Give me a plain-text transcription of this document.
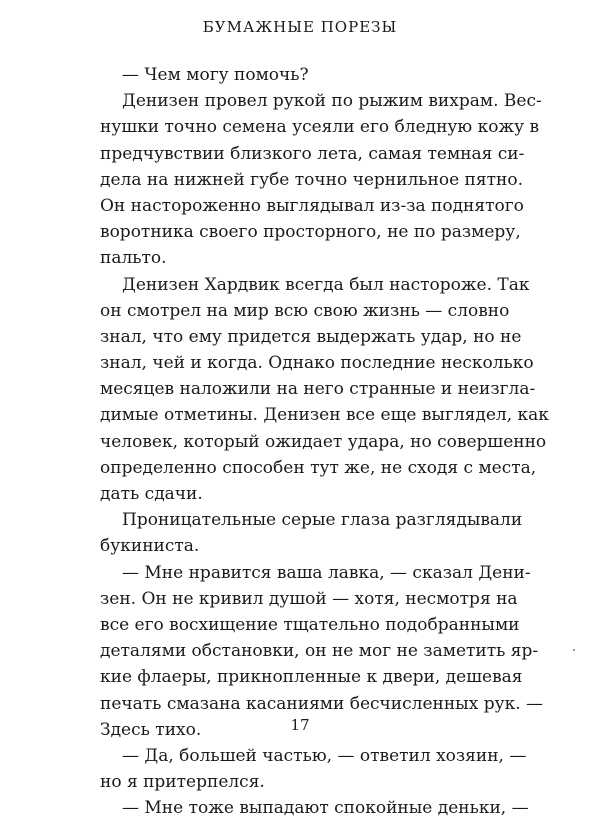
БУМАЖНЫЕ ПОРЕЗЫ
— Чем могу помочь?
Денизен провел рукой по рыжим вихрам. Вес-
нушки точно семена усеяли его бледную кожу в
предчувствии близкого лета, самая темная си-
дела на нижней губе точно чернильное пятно.
Он настороженно выглядывал из-за поднятого
воротника своего просторного, не по размеру,
пальто.
Денизен Хардвик всегда был настороже. Так
он смотрел на мир всю свою жизнь — словно
знал, что ему придется выдержать удар, но не
знал, чей и когда. Однако последние несколько
месяцев наложили на него странные и неизгла-
димые отметины. Денизен все еще выглядел, как
человек, который ожидает удара, но совершенно
определенно способен тут же, не сходя с места,
дать сдачи.
Проницательные серые глаза разглядывали
букиниста.
— Мне нравится ваша лавка, — сказал Дени-
зен. Он не кривил душой — хотя, несмотря на
все его восхищение тщательно подобранными
деталями обстановки, он не мог не заметить яр-
кие флаеры, прикнопленные к двери, дешевая
печать смазана касаниями бесчисленных рук. —
Здесь тихо.
— Да, большей частью, — ответил хозяин, —
но я притерпелся.
— Мне тоже выпадают спокойные деньки, —
17
